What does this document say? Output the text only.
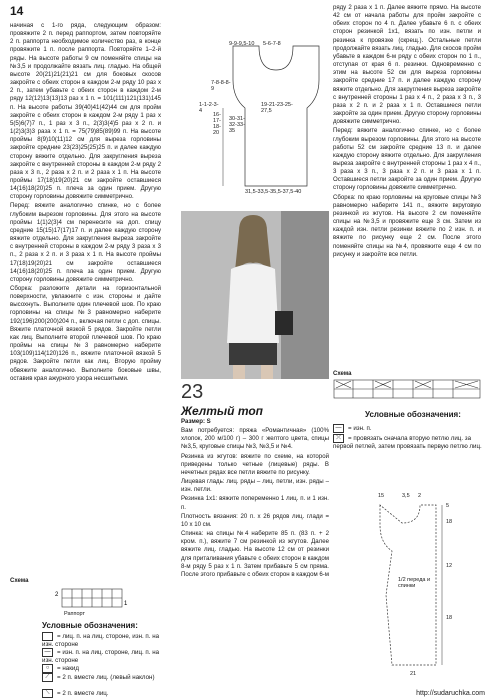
14

начиная с 1-го ряда, следующим образом: провяжите 2 п. перед раппортом, затем повторяйте 2 п. раппорта необходимое количество раз, в конце провяжите 1 п. после раппорта. Повторяйте 1–2-й ряды. На высоте работы 9 см поменяйте спицы на №3,5 и продолжайте вязать лиц. гладью. На общей высоте 20(21)21(21)21 см для боковых скосов закройте с обеих сторон в каждом 2-м ряду 10 раз x 2 п., затем убавьте с обеих сторон в каждом 2-м ряду 12(12)13(13)13 раз x 1 п. = 101(111)121(131)145 п. На высоте работы 39(40)41(42)44 см для пройм закройте с обеих сторон в каждом 2-м ряду 1 раз x 5(5)6(7)7 п., 1 раз x 3 п., 2(3)3(4)5 раз x 2 п. и 1(2)3(3)3 раза x 1 п. = 75(79)85(89)99 п. На высоте проймы 8(9)10(11)12 см для выреза горловины закройте средние 23(23)25(25)25 п. и далее каждую сторону вяжите отдельно. Для закругления выреза закройте с внутренней стороны в каждом 2-м ряду 2 раза x 3 п., 2 раза x 2 п. и 2 раза x 1 п. На высоте проймы 17(18)19(20)21 см закройте оставшиеся 14(16)18(20)25 п. плеча за один прием. Другую сторону горловины довяжите симметрично.

Перед: вяжите аналогично спинке, но с более глубоким вырезом горловины. Для этого на высоте проймы 1(1)2(3)4 см перенесите на доп. спицу средние 15(15)17(17)17 п. и далее каждую сторону вяжите отдельно. Для закругления выреза закройте с внутренней стороны в каждом 2-м ряду 3 раза x 3 п., 2 раза x 2 п. и 3 раза x 1 п. На высоте проймы 17(18)19(20)21 см закройте оставшиеся 14(16)18(20)25 п. плеча за один прием. Другую сторону горловины довяжите симметрично.

Сборка: разложите детали на горизонтальной поверхности, увлажните с изн. стороны и дайте высохнуть. Выполните один плечевой шов. По краю горловины на спицы №3 равномерно наберите 192(196)200(200)204 п., включая петли с доп. спицы. Вяжите платочной вязкой 5 рядов. Закройте петли как лиц. Выполните второй плечевой шов. По краю проймы на спицы №3 равномерно наберите 103(109)114(120)126 п., вяжите платочной вязкой 5 рядов. Закройте петли как лиц. Вторую пройму обвяжите аналогично. Выполните боковые швы, оставив края ажурного узора несшитыми.

Схема
2
1
Раппорт
Условные обозначения:
= лиц. п. на лиц. стороне, изн. п. на изн. стороне
— = изн. п. на лиц. стороне, лиц. п. на изн. стороне
○ = накид
⟋ = 2 п. вместе лиц. (левый наклон)
⟍ = 2 п. вместе лиц.
9-9-9,5-10 5-6-7-8
7-8-8-8-9
1-1-2-3-4
19-21-23-25-27,5
30-31-32-33-35
16-17-18-20
31,5-33,5-35,5-37,5-40
23
Желтый топ

Размер: S

Вам потребуется: пряжа «Романтичная» (100% хлопок, 200 м/100 г) – 300 г желтого цвета, спицы №3,5, круговые спицы №3, №3,5 и №4.

Резинка из жгутов: вяжите по схеме, на которой приведены только четные (лицевые) ряды. В нечетных рядах все петли вяжите по рисунку.

Лицевая гладь: лиц. ряды – лиц. петли, изн. ряды – изн. петли.

Резинка 1x1: вяжите попеременно 1 лиц. п. и 1 изн. п.

Плотность вязания: 20 п. x 26 рядов лиц. глади = 10 x 10 см.

Спинка: на спицы №4 наберите 85 п. (83 п. + 2 кром. п.), вяжите 7 см резинкой из жгутов. Далее вяжите лиц. гладью. На высоте 12 см от резинки для приталивания убавьте с обеих сторон в каждом 8-м ряду 5 раз x 1 п. Затем прибавьте 5 см пряма. После этого прибавьте с обеих сторон в каждом 6-м

ряду 2 раза x 1 п. Далее вяжите прямо. На высоте 42 см от начала работы для пройм закройте с обеих сторон по 4 п. Далее убавьте 6 п. с обеих сторон резинкой 1x1, вязать по изн. петли и резинка к провязке (скрещ.). Остальные петли продолжайте вязать лиц. гладью. Для скосов пройм убавьте в каждом 6-м ряду с обеих сторон по 1 п., отступая от края 6 п. резинки. Одновременно с этим на высоте 52 см для выреза горловины закройте средние 17 п. и далее каждую сторону вяжите отдельно. Для закругления выреза закройте с внутренней стороны 1 раз x 4 п., 2 раза x 3 п., 3 раза x 2 п. и 2 раза x 1 п. Оставшиеся петли закройте за один прием. Другую сторону горловины довяжите симметрично.

Перед: вяжите аналогично спинке, но с более глубоким вырезом горловины. Для этого на высоте работы 52 см закройте средние 13 п. и далее каждую сторону вяжите отдельно. Для закругления выреза закройте с внутренней стороны 1 раз x 4 п., 3 раза x 3 п., 3 раза x 2 п. и 3 раза x 1 п. Оставшиеся петли закройте за один прием. Другую сторону горловины довяжите симметрично.

Сборка: по краю горловины на круговые спицы №3 равномерно наберите 141 п., вяжите вкруговую резинкой из жгутов. На высоте 2 см поменяйте спицы на №3,5 и провяжите еще 3 см. Затем из каждой изн. петли резинки вяжите по 2 изн. п. и вяжите по рисунку еще 2 см. После этого поменяйте спицы на №4, провяжите еще 4 см по рисунку и закройте все петли.

Схема
Условные обозначения:
— = изн. п.
⤫ = провязать сначала вторую петлю лиц. за первой петлей, затем провязать первую петлю лиц.
15	3,5 2
5
18
12
1/2 переда и спинки
18
21
http://sudaruchka.com
